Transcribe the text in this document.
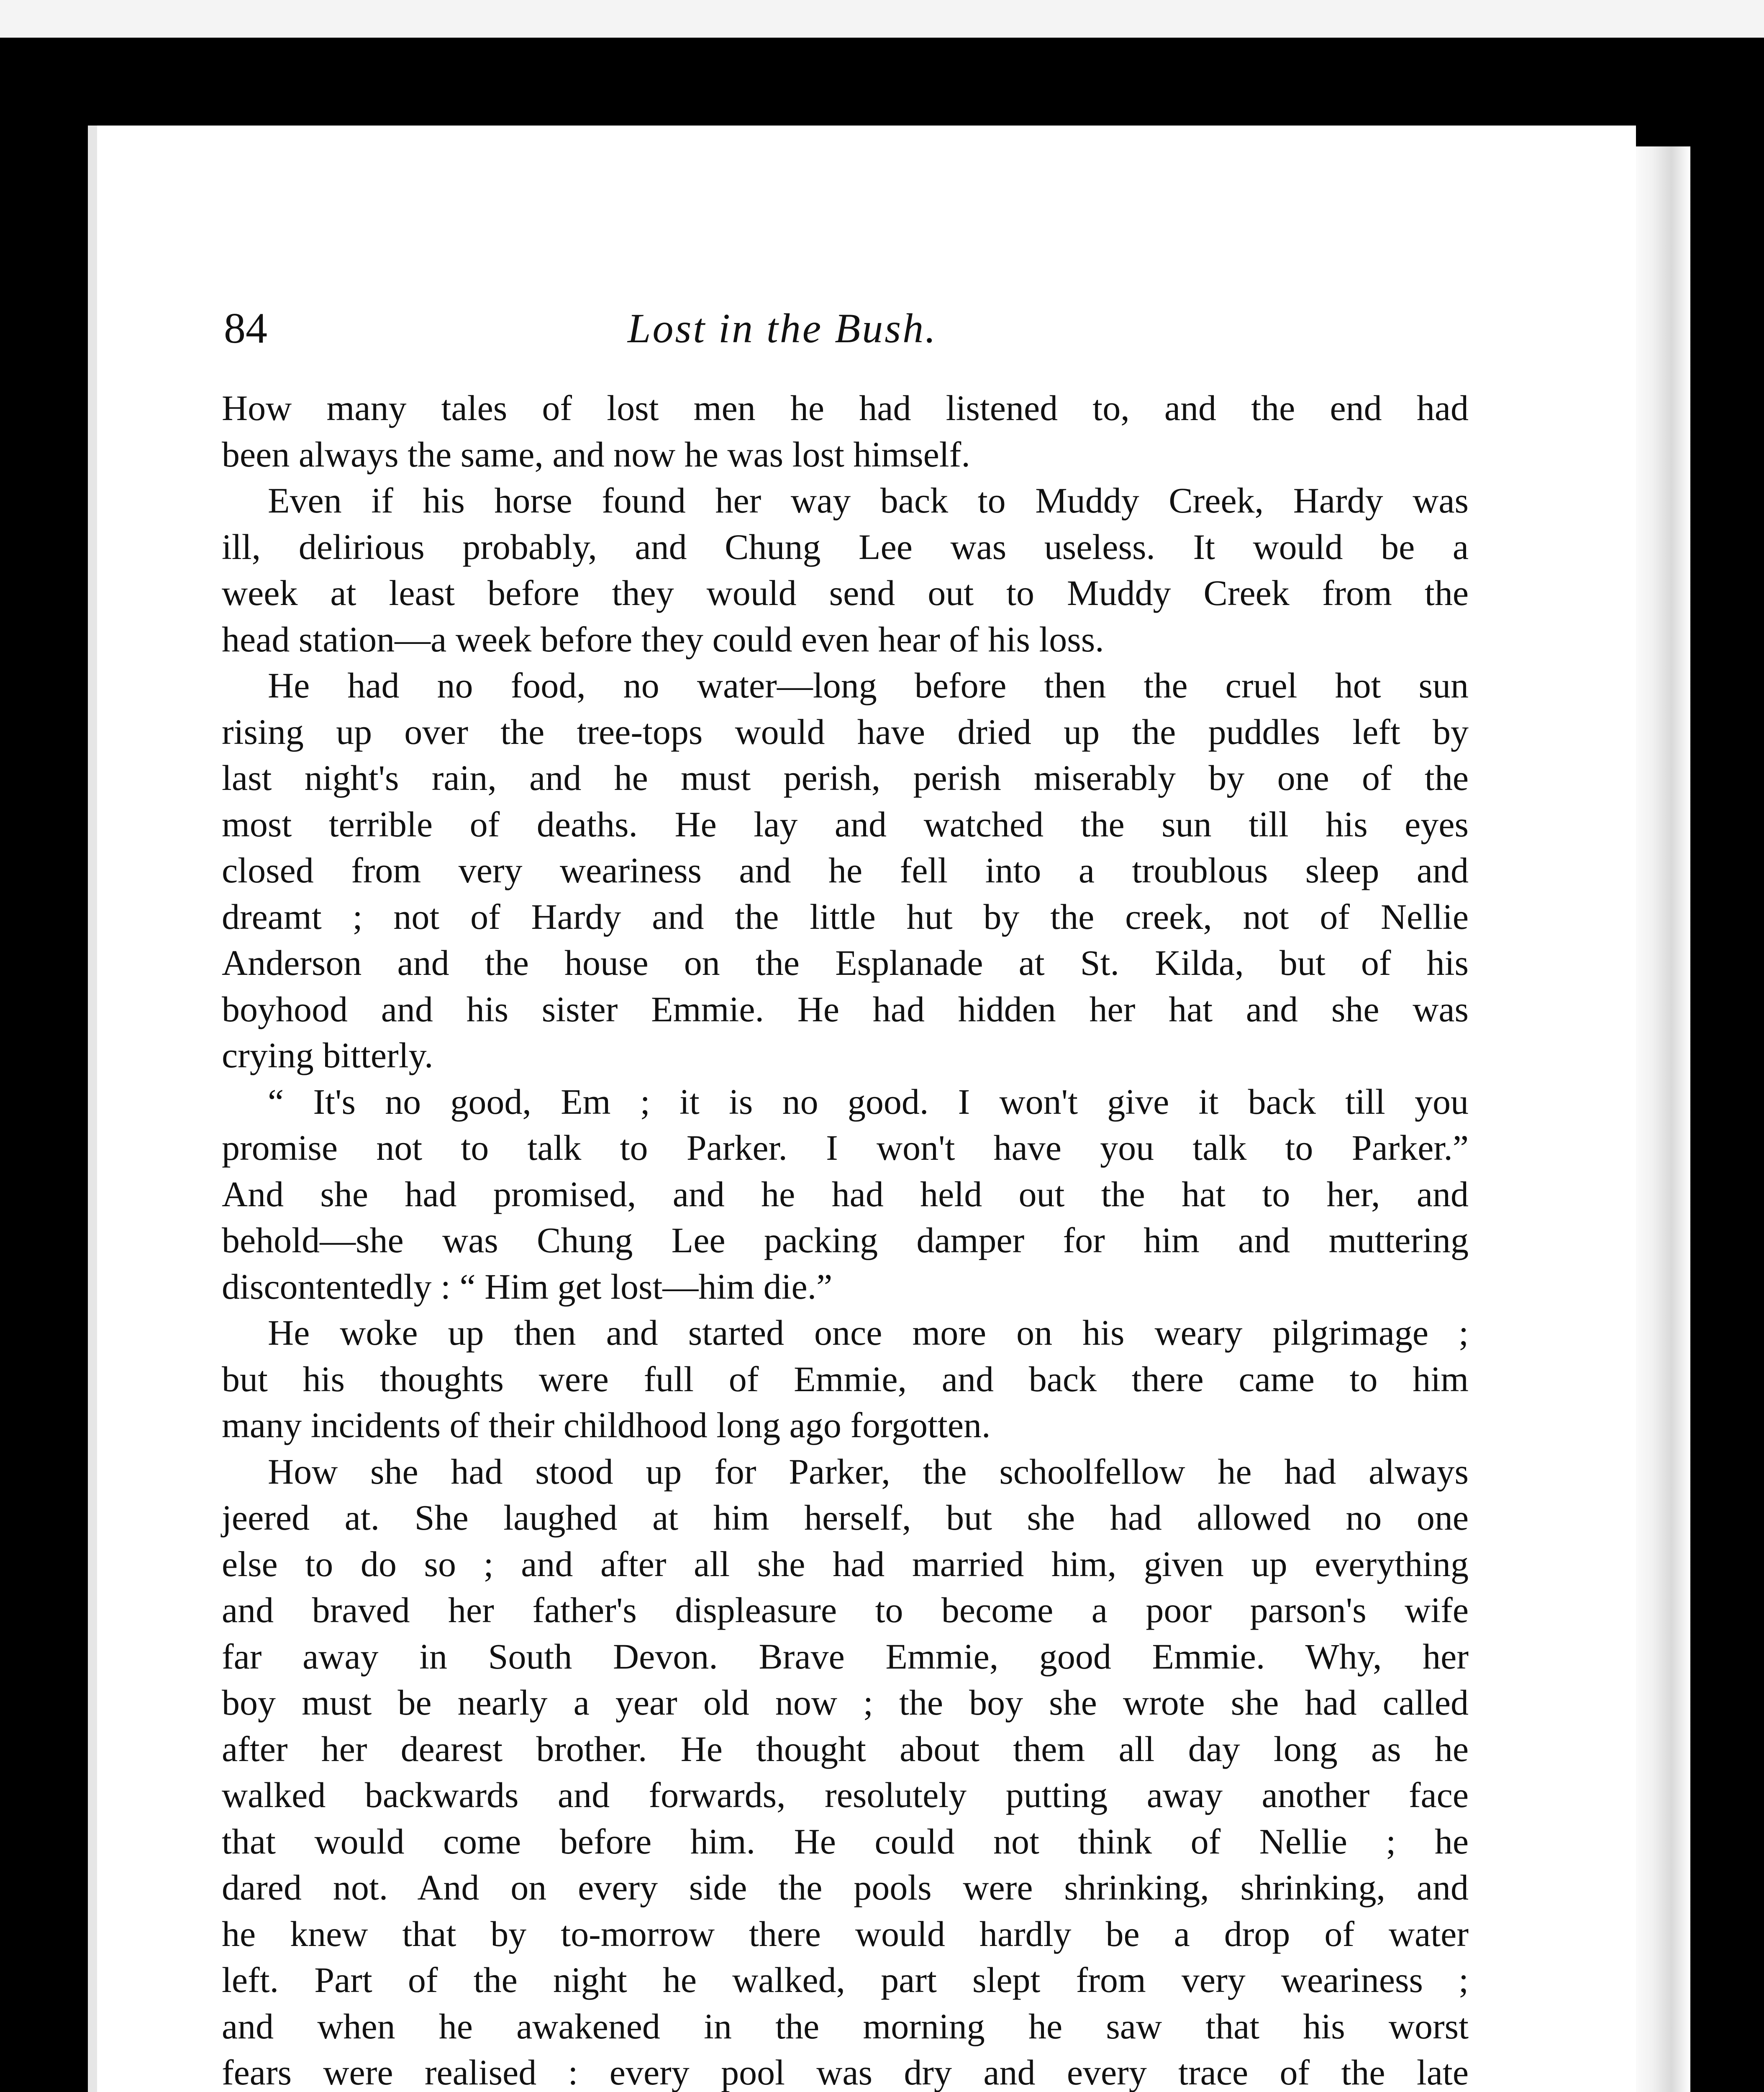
84	Lost in the Bush.
How many tales of lost men he had listened to, and the end had
been always the same, and now he was lost himself.
Even if his horse found her way back to Muddy Creek, Hardy was
ill, delirious probably, and Chung Lee was useless. It would be a
week at least before they would send out to Muddy Creek from the
head station—a week before they could even hear of his loss.
He had no food, no water—long before then the cruel hot sun
rising up over the tree-tops would have dried up the puddles left by
last night's rain, and he must perish, perish miserably by one of the
most terrible of deaths. He lay and watched the sun till his eyes
closed from very weariness and he fell into a troublous sleep and
dreamt ; not of Hardy and the little hut by the creek, not of Nellie
Anderson and the house on the Esplanade at St. Kilda, but of his
boyhood and his sister Emmie. He had hidden her hat and she was
crying bitterly.
“ It's no good, Em ; it is no good. I won't give it back till you
promise not to talk to Parker. I won't have you talk to Parker.”
And she had promised, and he had held out the hat to her, and
behold—she was Chung Lee packing damper for him and muttering
discontentedly : “ Him get lost—him die.”
He woke up then and started once more on his weary pilgrimage ;
but his thoughts were full of Emmie, and back there came to him
many incidents of their childhood long ago forgotten.
How she had stood up for Parker, the schoolfellow he had always
jeered at. She laughed at him herself, but she had allowed no one
else to do so ; and after all she had married him, given up everything
and braved her father's displeasure to become a poor parson's wife
far away in South Devon. Brave Emmie, good Emmie. Why, her
boy must be nearly a year old now ; the boy she wrote she had called
after her dearest brother. He thought about them all day long as he
walked backwards and forwards, resolutely putting away another face
that would come before him. He could not think of Nellie ; he
dared not. And on every side the pools were shrinking, shrinking, and
he knew that by to-morrow there would hardly be a drop of water
left. Part of the night he walked, part slept from very weariness ;
and when he awakened in the morning he saw that his worst
fears were realised : every pool was dry and every trace of the late
